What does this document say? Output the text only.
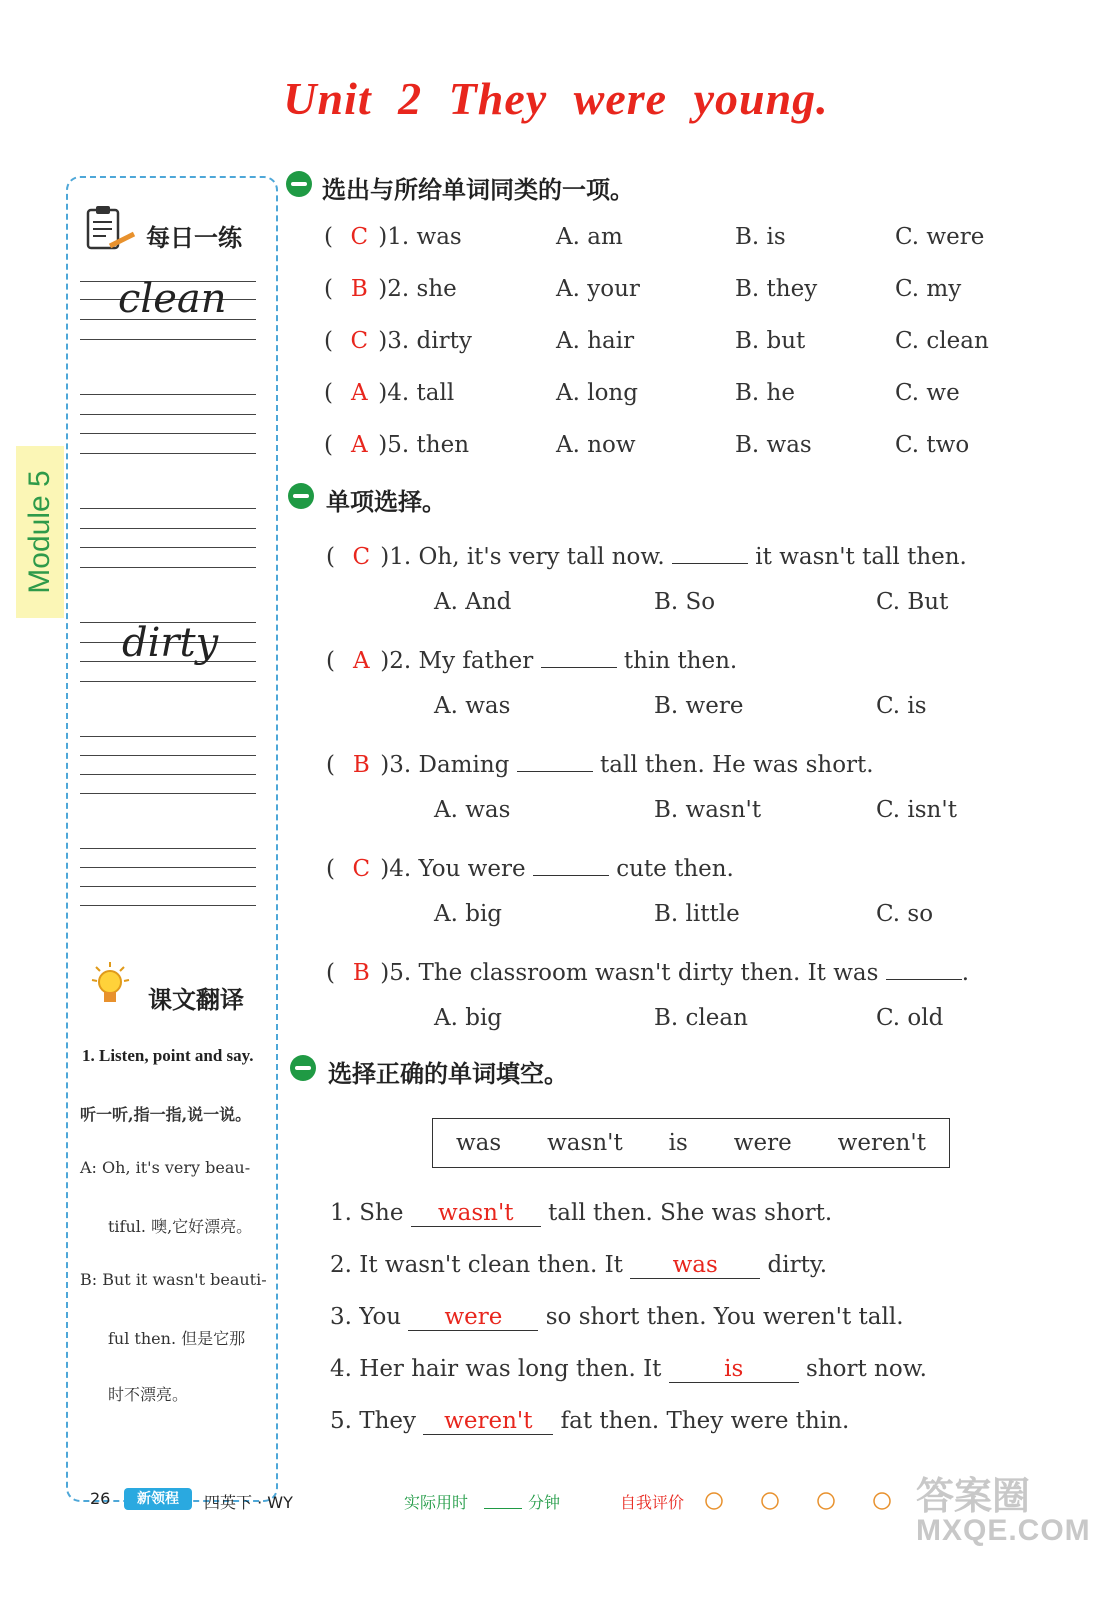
Unit 2 They were young.
Module 5
每日一练
clean
dirty
课文翻译
1. Listen, point and say.
听一听,指一指,说一说。
A: Oh, it's very beau-
tiful. 噢,它好漂亮。
B: But it wasn't beauti-
ful then. 但是它那
时不漂亮。
选出与所给单词同类的一项。
( C )1. was	A. am	B. is	C. were
( B )2. she	A. your	B. they	C. my
( C )3. dirty	A. hair	B. but	C. clean
( A )4. tall	A. long	B. he	C. we
( A )5. then	A. now	B. was	C. two
单项选择。
( C )1. Oh, it's very tall now.	it wasn't tall then.
A. And	B. So	C. But
( A )2. My father	thin then.
A. was	B. were	C. is
( B )3. Daming	tall then. He was short.
A. was	B. wasn't	C. isn't
( C )4. You were	cute then.
A. big	B. little	C. so
( B )5. The classroom wasn't dirty then. It was	.
A. big	B. clean	C. old
选择正确的单词填空。
was wasn't is were weren't
1. She wasn't tall then. She was short.
2. It wasn't clean then. It was dirty.
3. You were so short then. You weren't tall.
4. Her hair was long then. It	is	short now.
5. They weren't fat then. They were thin.
26	新领程	四英下 · WY	实际用时	分钟	自我评价	答案圈
MXQE.COM
